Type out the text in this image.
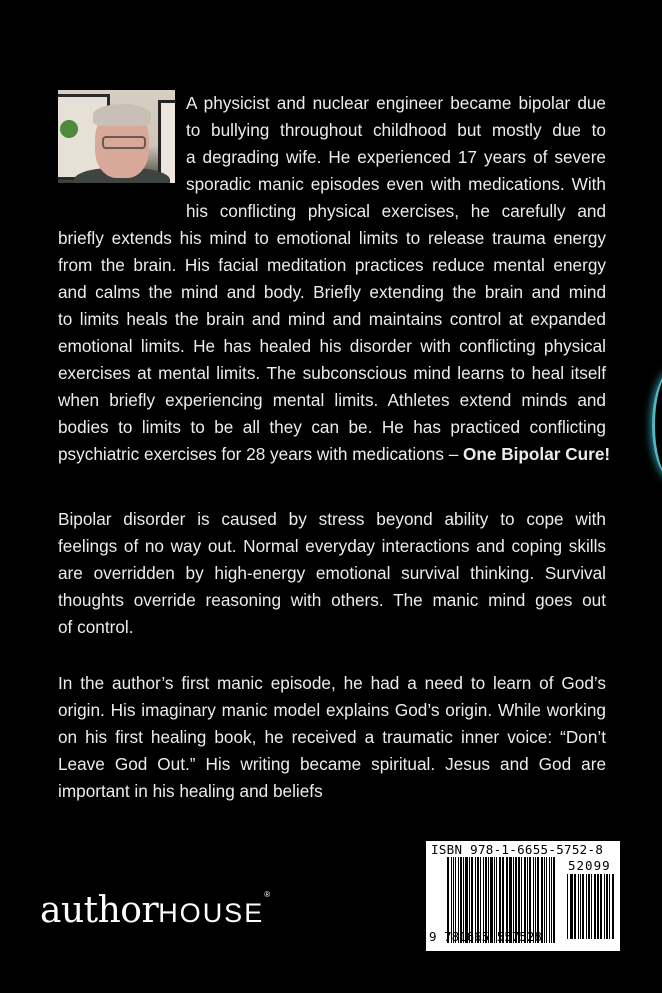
A physicist and nuclear engineer became bipolar due
to bullying throughout childhood but mostly due to
a degrading wife. He experienced 17 years of severe
sporadic manic episodes even with medications. With
his conflicting physical exercises, he carefully and
briefly extends his mind to emotional limits to release trauma energy
from the brain. His facial meditation practices reduce mental energy
and calms the mind and body. Briefly extending the brain and mind
to limits heals the brain and mind and maintains control at expanded
emotional limits. He has healed his disorder with conflicting physical
exercises at mental limits. The subconscious mind learns to heal itself
when briefly experiencing mental limits. Athletes extend minds and
bodies to limits to be all they can be. He has practiced conflicting
psychiatric exercises for 28 years with medications – One Bipolar Cure!
Bipolar disorder is caused by stress beyond ability to cope with
feelings of no way out. Normal everyday interactions and coping skills
are overridden by high-energy emotional survival thinking. Survival
thoughts override reasoning with others. The manic mind goes out
of control.
In the author’s first manic episode, he had a need to learn of God’s
origin. His imaginary manic model explains God’s origin. While working
on his first healing book, he received a traumatic inner voice: “Don’t
Leave God Out.” His writing became spiritual. Jesus and God are
important in his healing and beliefs
authorHOUSE®
ISBN 978-1-6655-5752-8
52099
9 781665 557528
